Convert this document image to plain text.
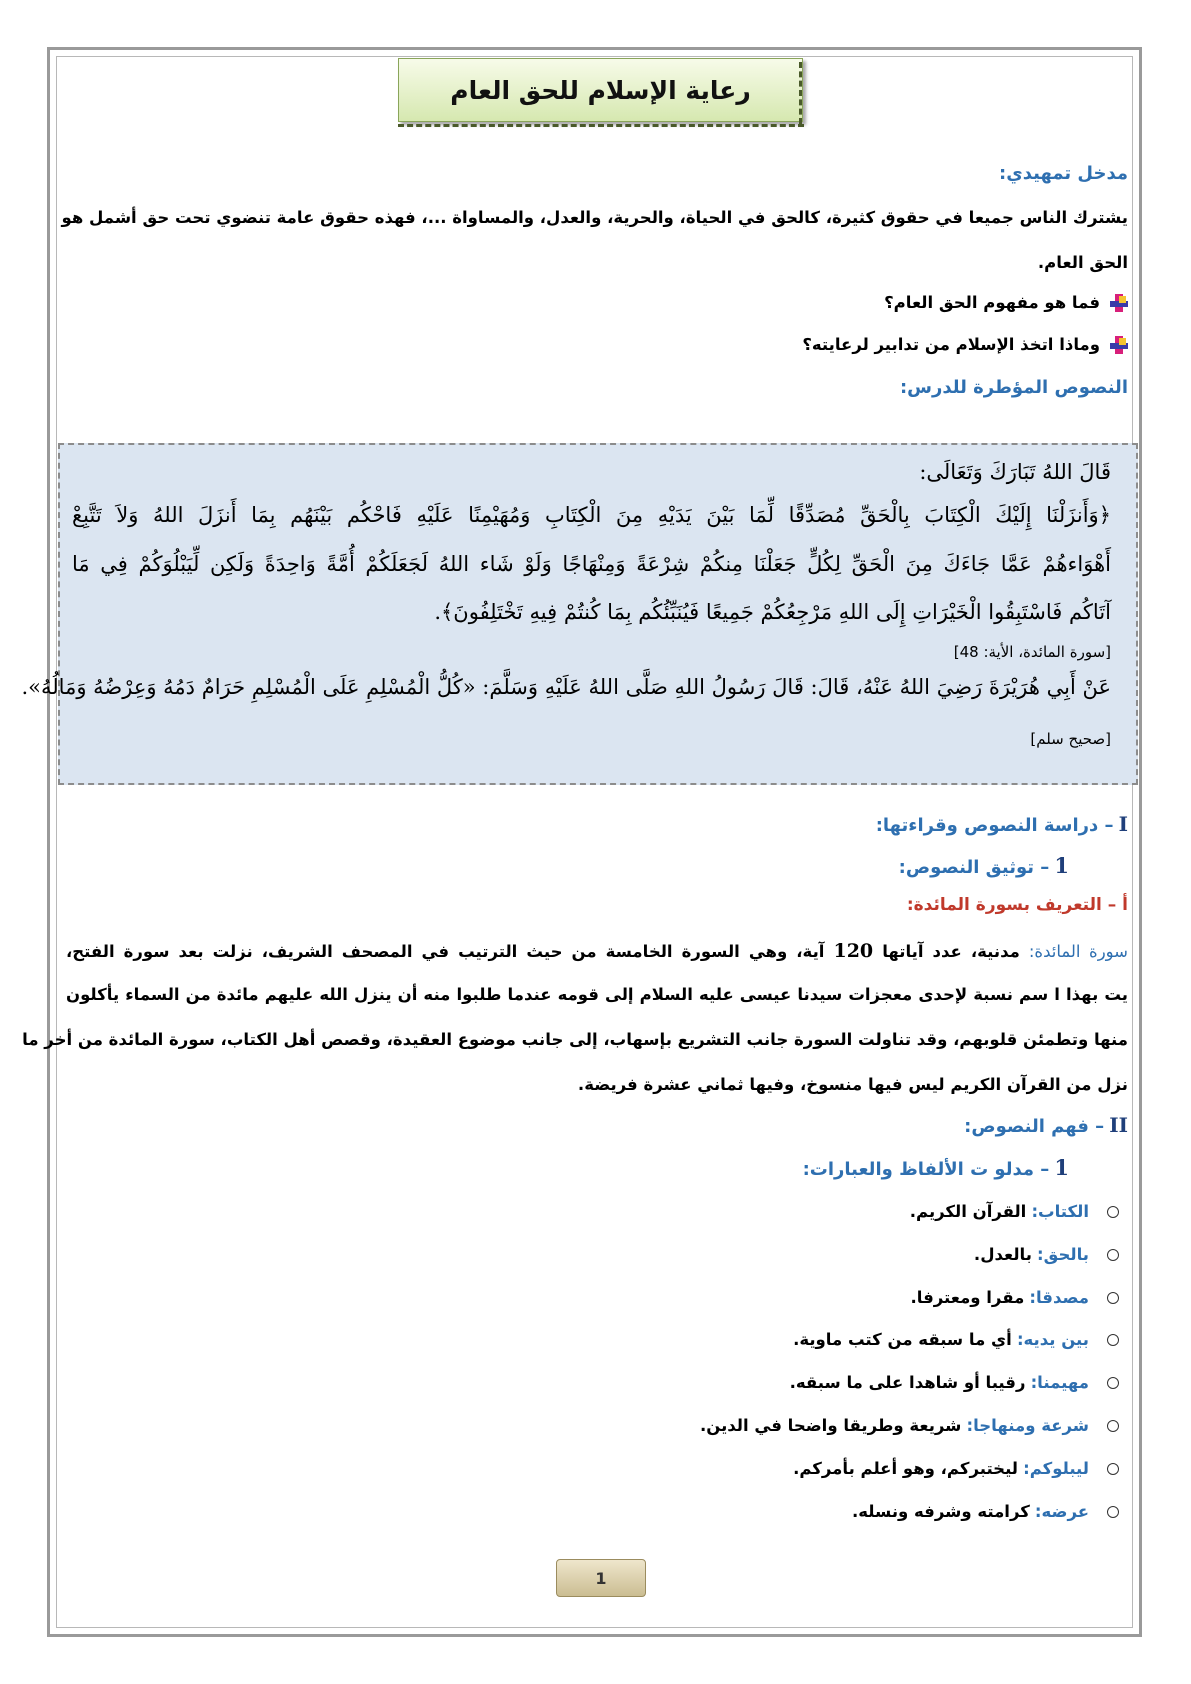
رعاية الإسلام للحق العام
مدخل تمهيدي:
يشترك الناس جميعا في حقوق كثيرة، كالحق في الحياة، والحرية، والعدل، والمساواة ...، فهذه حقوق عامة تنضوي تحت حق أشمل هو
الحق العام.
فما هو مفهوم الحق العام؟
وماذا اتخذ الإسلام من تدابير لرعايته؟
النصوص المؤطرة للدرس:
قَالَ اللهُ تَبَارَكَ وَتَعَالَى:
﴿وَأَنزَلْنَا إِلَيْكَ الْكِتَابَ بِالْحَقِّ مُصَدِّقًا لِّمَا بَيْنَ يَدَيْهِ مِنَ الْكِتَابِ وَمُهَيْمِنًا عَلَيْهِ فَاحْكُم بَيْنَهُم بِمَا أَنزَلَ اللهُ وَلاَ تَتَّبِعْ
أَهْوَاءهُمْ عَمَّا جَاءَكَ مِنَ الْحَقِّ لِكُلٍّ جَعَلْنَا مِنكُمْ شِرْعَةً وَمِنْهَاجًا وَلَوْ شَاء اللهُ لَجَعَلَكُمْ أُمَّةً وَاحِدَةً وَلَكِن لِّيَبْلُوَكُمْ فِي مَا
آتَاكُم فَاسْتَبِقُوا الْخَيْرَاتِ إِلَى اللهِ مَرْجِعُكُمْ جَمِيعًا فَيُنَبِّئُكُم بِمَا كُنتُمْ فِيهِ تَخْتَلِفُونَ﴾.
[سورة المائدة، الأية: 48]
عَنْ أَبِي هُرَيْرَةَ رَضِيَ اللهُ عَنْهُ، قَالَ: قَالَ رَسُولُ اللهِ صَلَّى اللهُ عَلَيْهِ وَسَلَّمَ: «كُلُّ الْمُسْلِمِ عَلَى الْمُسْلِمِ حَرَامٌ دَمُهُ وَعِرْضُهُ وَمَالُهُ».
[صحيح سلم]
I – دراسة النصوص وقراءتها:
1 – توثيق النصوص:
أ – التعريف بسورة المائدة:
سورة المائدة: مدنية، عدد آياتها 120 آية، وهي السورة الخامسة من حيث الترتيب في المصحف الشريف، نزلت بعد سورة الفتح،
يت بهذا ا سم نسبة لإحدى معجزات سيدنا عيسى عليه السلام إلى قومه عندما طلبوا منه أن ينزل الله عليهم مائدة من السماء يأكلون
منها وتطمئن قلوبهم، وقد تناولت السورة جانب التشريع بإسهاب، إلى جانب موضوع العقيدة، وقصص أهل الكتاب، سورة المائدة من أخر ما
نزل من القرآن الكريم ليس فيها منسوخ، وفيها ثماني عشرة فريضة.
II – فهم النصوص:
1 – مدلو ت الألفاظ والعبارات:
الكتاب: القرآن الكريم.
بالحق: بالعدل.
مصدقا: مقرا ومعترفا.
بين يديه: أي ما سبقه من كتب ماوية.
مهيمنا: رقيبا أو شاهدا على ما سبقه.
شرعة ومنهاجا: شريعة وطريقا واضحا في الدين.
ليبلوكم: ليختبركم، وهو أعلم بأمركم.
عرضه: كرامته وشرفه ونسله.
1
